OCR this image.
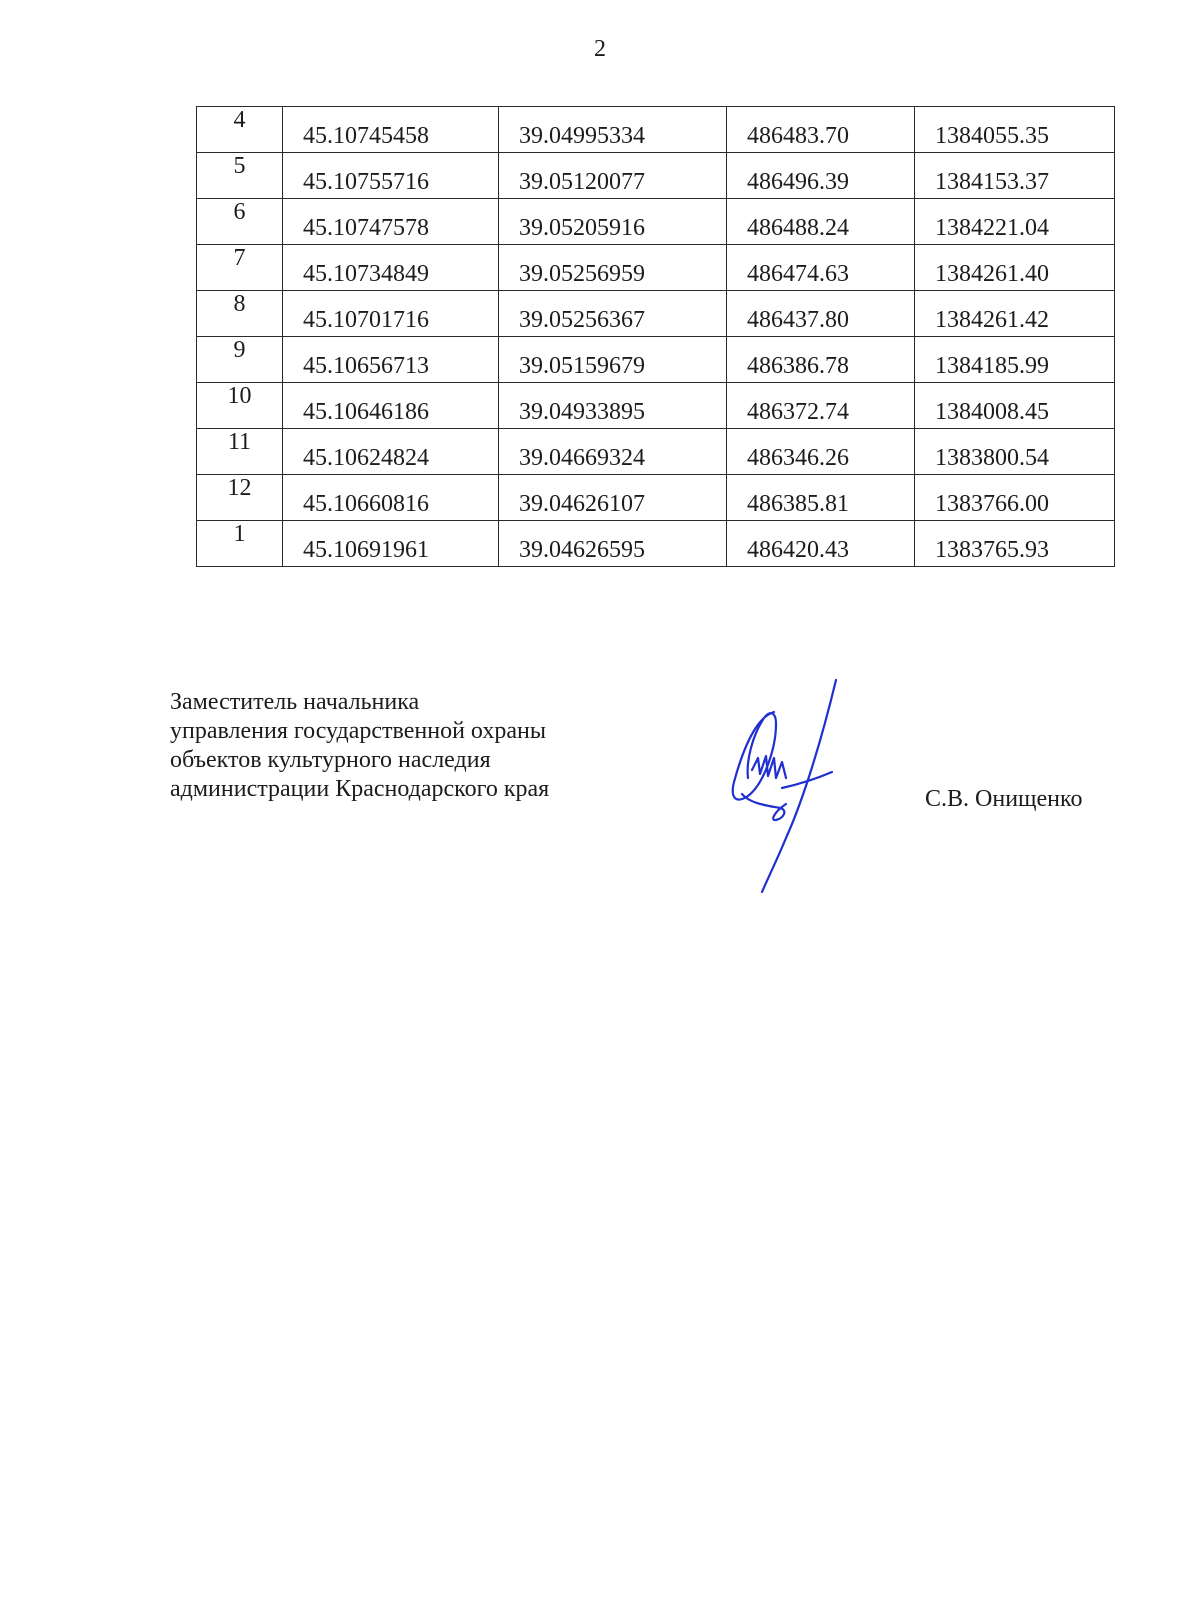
2
4	45.10745458	39.04995334	486483.70	1384055.35
5	45.10755716	39.05120077	486496.39	1384153.37
6	45.10747578	39.05205916	486488.24	1384221.04
7	45.10734849	39.05256959	486474.63	1384261.40
8	45.10701716	39.05256367	486437.80	1384261.42
9	45.10656713	39.05159679	486386.78	1384185.99
10	45.10646186	39.04933895	486372.74	1384008.45
11	45.10624824	39.04669324	486346.26	1383800.54
12	45.10660816	39.04626107	486385.81	1383766.00
1	45.10691961	39.04626595	486420.43	1383765.93
Заместитель начальника
управления государственной охраны
объектов культурного наследия
администрации Краснодарского края	С.В. Онищенко
